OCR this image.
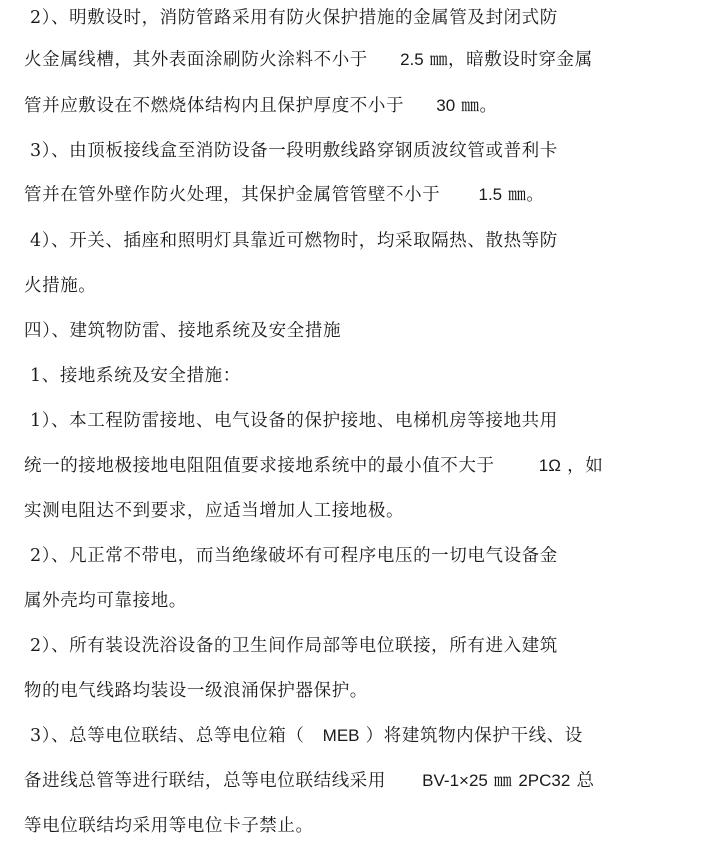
2）、明敷设时，消防管路采用有防火保护措施的金属管及封闭式防
火金属线槽，其外表面涂刷防火涂料不小于 2.5 ㎜，暗敷设时穿金属
管并应敷设在不燃烧体结构内且保护厚度不小于 30 ㎜。
3）、由顶板接线盒至消防设备一段明敷线路穿钢质波纹管或普利卡
管并在管外壁作防火处理，其保护金属管管壁不小于 1.5 ㎜。
4）、开关、插座和照明灯具靠近可燃物时，均采取隔热、散热等防
火措施。
四）、建筑物防雷、接地系统及安全措施
1、接地系统及安全措施：
1）、本工程防雷接地、电气设备的保护接地、电梯机房等接地共用
统一的接地极接地电阻阻值要求接地系统中的最小值不大于	1Ω ，如
实测电阻达不到要求，应适当增加人工接地极。
2）、凡正常不带电，而当绝缘破坏有可程序电压的一切电气设备金
属外壳均可靠接地。
2）、所有装设洗浴设备的卫生间作局部等电位联接，所有进入建筑
物的电气线路均装设一级浪涌保护器保护。
3）、总等电位联结、总等电位箱（ MEB ）将建筑物内保护干线、设
备进线总管等进行联结，总等电位联结线采用 BV-1×25 ㎜ 2PC32 总
等电位联结均采用等电位卡子禁止。
